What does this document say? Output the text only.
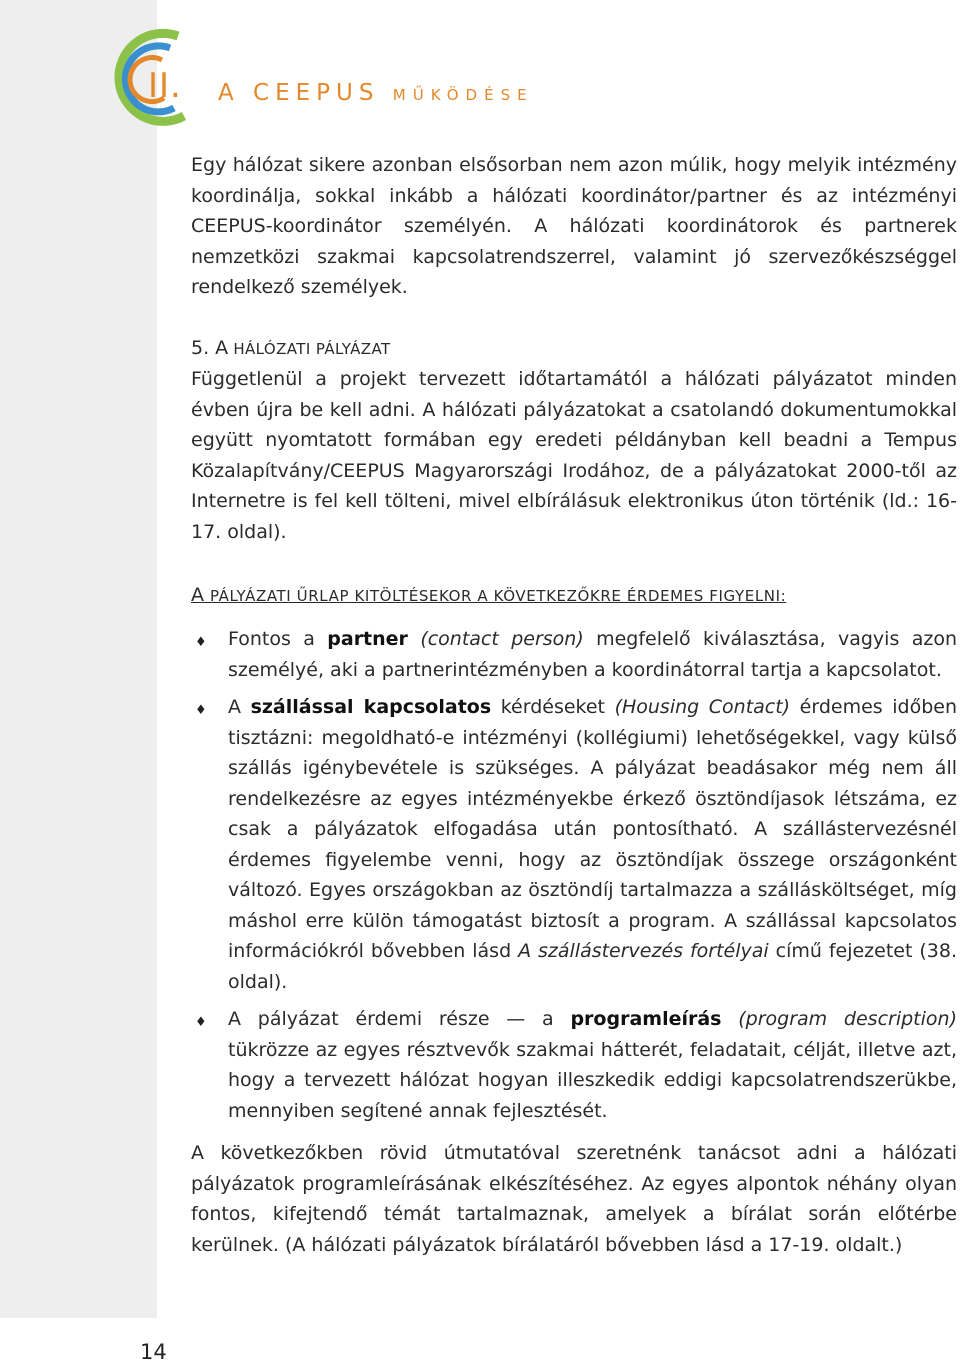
II. A CEEPUS MŰKÖDÉSE

Egy hálózat sikere azonban elsősorban nem azon múlik, hogy melyik intézmény koordinálja, sokkal inkább a hálózati koordinátor/partner és az intézményi CEEPUS-koordinátor személyén. A hálózati koordinátorok és partnerek nemzetközi szakmai kapcsolatrendszerrel, valamint jó szervezőkészséggel rendelkező személyek.

5. A HÁLÓZATI PÁLYÁZAT

Függetlenül a projekt tervezett időtartamától a hálózati pályázatot minden évben újra be kell adni. A hálózati pályázatokat a csatolandó dokumentumokkal együtt nyomtatott formában egy eredeti példányban kell beadni a Tempus Közalapítvány/CEEPUS Magyarországi Irodához, de a pályázatokat 2000-től az Internetre is fel kell tölteni, mivel elbírálásuk elektronikus úton történik (ld.: 16-17. oldal).

A PÁLYÁZATI ŰRLAP KITÖLTÉSEKOR A KÖVETKEZŐKRE ÉRDEMES FIGYELNI:
♦ Fontos a partner (contact person) megfelelő kiválasztása, vagyis azon személyé, aki a partnerintézményben a koordinátorral tartja a kapcsolatot.
♦ A szállással kapcsolatos kérdéseket (Housing Contact) érdemes időben tisztázni: megoldható-e intézményi (kollégiumi) lehetőségekkel, vagy külső szállás igénybevétele is szükséges. A pályázat beadásakor még nem áll rendelkezésre az egyes intézményekbe érkező ösztöndíjasok létszáma, ez csak a pályázatok elfogadása után pontosítható. A szállástervezésnél érdemes figyelembe venni, hogy az ösztöndíjak összege országonként változó. Egyes országokban az ösztöndíj tartalmazza a szállásköltséget, míg máshol erre külön támogatást biztosít a program. A szállással kapcsolatos információkról bővebben lásd A szállástervezés fortélyai című fejezetet (38. oldal).
♦ A pályázat érdemi része — a programleírás (program description) tükrözze az egyes résztvevők szakmai hátterét, feladatait, célját, illetve azt, hogy a tervezett hálózat hogyan illeszkedik eddigi kapcsolatrendszerükbe, mennyiben segítené annak fejlesztését.

A következőkben rövid útmutatóval szeretnénk tanácsot adni a hálózati pályázatok programleírásának elkészítéséhez. Az egyes alpontok néhány olyan fontos, kifejtendő témát tartalmaznak, amelyek a bírálat során előtérbe kerülnek. (A hálózati pályázatok bírálatáról bővebben lásd a 17-19. oldalt.)

14
